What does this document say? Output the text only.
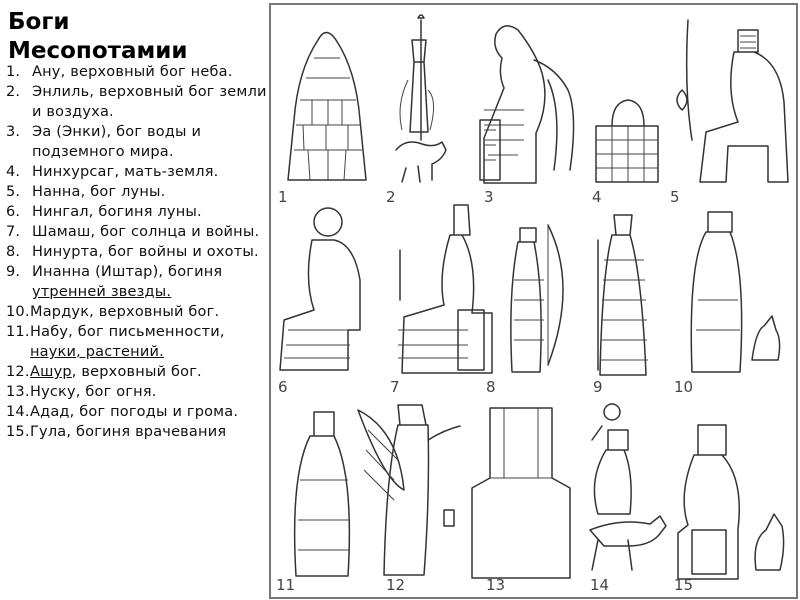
Боги
Месопотамии
1. Ану, верховный бог неба.
2. Энлиль, верховный бог земли и воздуха.
3. Эа (Энки), бог воды и подземного мира.
4. Нинхурсаг, мать-земля.
5. Нанна, бог луны.
6. Нингал, богиня луны.
7. Шамаш, бог солнца и войны.
8. Нинурта, бог войны и охоты.
9. Инанна (Иштар), богиня утренней звезды.
10. Мардук, верховный бог.
11. Набу, бог письменности, науки, растений.
12. Ашур, верховный бог.
13. Нуску, бог огня.
14. Адад, бог погоды и грома.
15. Гула, богиня врачевания
1	2	3	4	5
6	7	8	9	10
11	12	13	14	15
